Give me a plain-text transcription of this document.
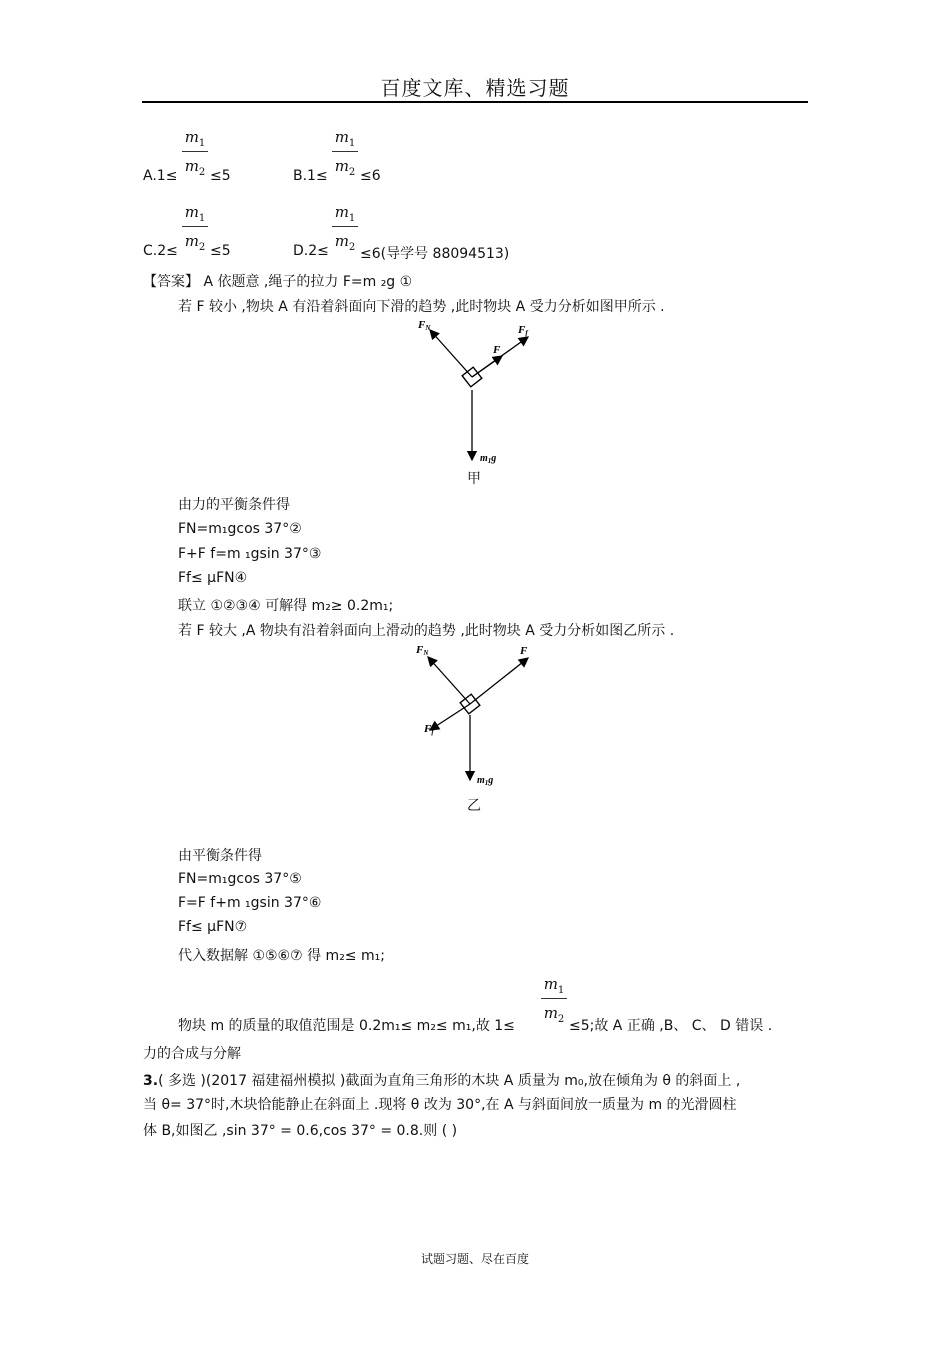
百度文库、精选习题
$m_1$
$m_2$
A.1≤ ≤5
$m_1$
$m_2$
B.1≤ ≤6
$m_1$
$m_2$
C.2≤ ≤5
$m_1$
$m_2$
D.2≤ ≤6(导学号 88094513)
【答案】 A 依题意 ,绳子的拉力 F=m ₂g ①
若 F 较小 ,物块 A 有沿着斜面向下滑的趋势 ,此时物块 A 受力分析如图甲所示 .
FN	Ff
F
$m_1g$
甲
由力的平衡条件得
FN=m₁gcos 37°②
F+F f=m ₁gsin 37°③
Ff≤ μFN④
联立 ①②③④ 可解得 m₂≥ 0.2m₁;
若 F 较大 ,A 物块有沿着斜面向上滑动的趋势 ,此时物块 A 受力分析如图乙所示 .
FN	F
Ff
$m_1g$
乙
由平衡条件得
FN=m₁gcos 37°⑤
F=F f+m ₁gsin 37°⑥
Ff≤ μFN⑦
代入数据解 ①⑤⑥⑦ 得 m₂≤ m₁;
$m_1$
$m_2$
物块 m 的质量的取值范围是 0.2m₁≤ m₂≤ m₁,故 1≤	≤5;故 A 正确 ,B、 C、 D 错误 .
力的合成与分解
3.( 多选 )(2017 福建福州模拟 )截面为直角三角形的木块 A 质量为 m₀,放在倾角为 θ 的斜面上 ,
当 θ= 37°时,木块恰能静止在斜面上 .现将 θ 改为 30°,在 A 与斜面间放一质量为 m 的光滑圆柱
体 B,如图乙 ,sin 37° = 0.6,cos 37° = 0.8.则 ( )
试题习题、尽在百度
